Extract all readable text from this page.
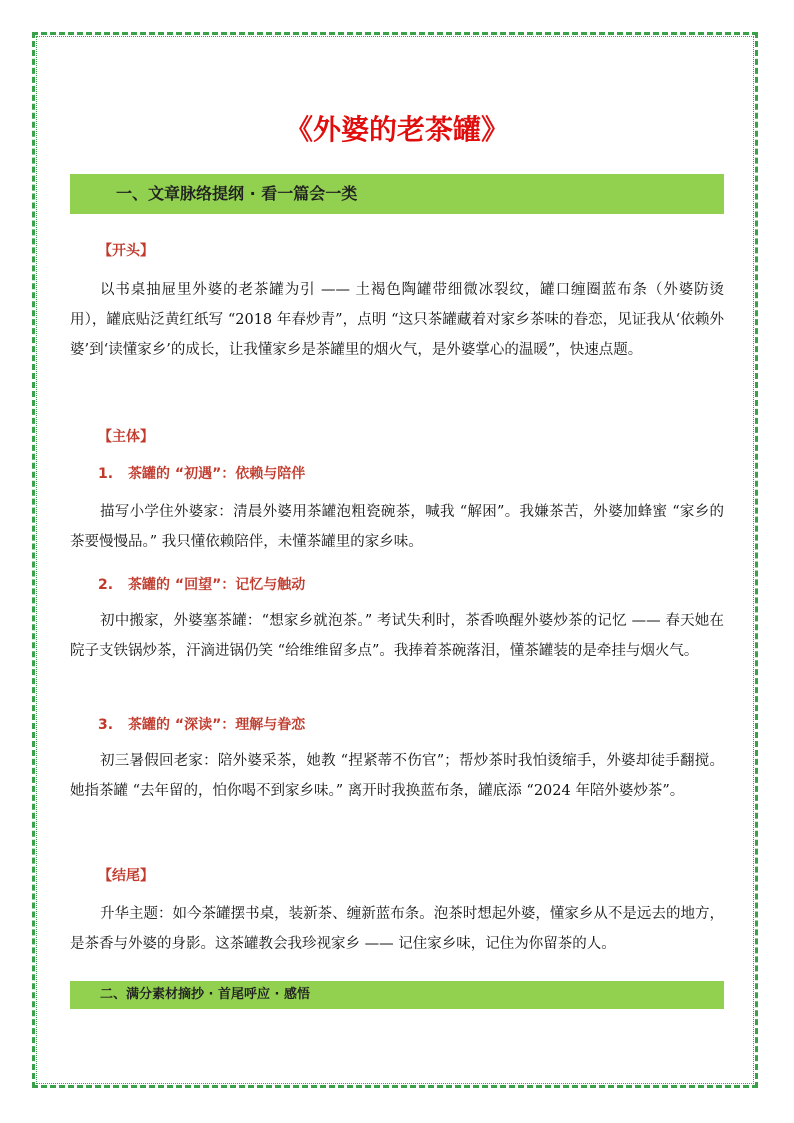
《外婆的老茶罐》
一、文章脉络提纲 · 看一篇会一类
【开头】

以书桌抽屉里外婆的老茶罐为引 —— 土褐色陶罐带细微冰裂纹，罐口缠圈蓝布条（外婆防烫用），罐底贴泛黄红纸写 “2018 年春炒青”，点明 “这只茶罐藏着对家乡茶味的眷恋，见证我从‘依赖外婆’到‘读懂家乡’的成长，让我懂家乡是茶罐里的烟火气，是外婆掌心的温暖”，快速点题。

【主体】
1. 茶罐的 “初遇”：依赖与陪伴

描写小学住外婆家：清晨外婆用茶罐泡粗瓷碗茶，喊我 “解困”。我嫌茶苦，外婆加蜂蜜 “家乡的茶要慢慢品。” 我只懂依赖陪伴，未懂茶罐里的家乡味。

2. 茶罐的 “回望”：记忆与触动

初中搬家，外婆塞茶罐：“想家乡就泡茶。” 考试失利时，茶香唤醒外婆炒茶的记忆 —— 春天她在院子支铁锅炒茶，汗滴进锅仍笑 “给维维留多点”。我捧着茶碗落泪，懂茶罐装的是牵挂与烟火气。

3. 茶罐的 “深读”：理解与眷恋

初三暑假回老家：陪外婆采茶，她教 “捏紧蒂不伤官”；帮炒茶时我怕烫缩手，外婆却徒手翻搅。她指茶罐 “去年留的，怕你喝不到家乡味。” 离开时我换蓝布条，罐底添 “2024 年陪外婆炒茶”。

【结尾】

升华主题：如今茶罐摆书桌，装新茶、缠新蓝布条。泡茶时想起外婆，懂家乡从不是远去的地方，是茶香与外婆的身影。这茶罐教会我珍视家乡 —— 记住家乡味，记住为你留茶的人。

二、满分素材摘抄 · 首尾呼应 · 感悟
